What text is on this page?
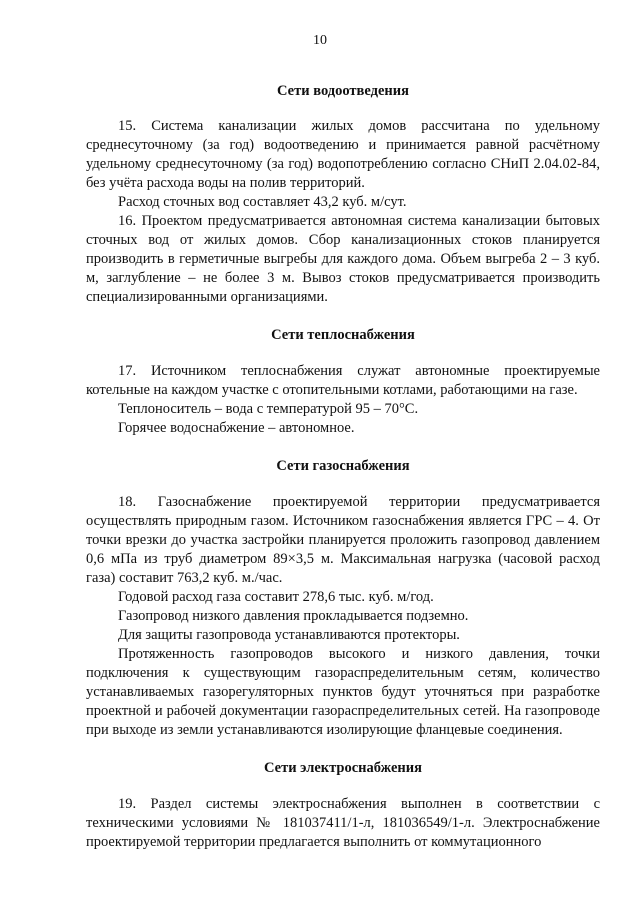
10
Сети водоотведения

15. Система канализации жилых домов рассчитана по удельному среднесуточному (за год) водоотведению и принимается равной расчётному удельному среднесуточному (за год) водопотреблению согласно СНиП 2.04.02-84, без учёта расхода воды на полив территорий.

Расход сточных вод составляет 43,2 куб. м/сут.

16. Проектом предусматривается автономная система канализации бытовых сточных вод от жилых домов. Сбор канализационных стоков планируется производить в герметичные выгребы для каждого дома. Объем выгреба 2 – 3 куб. м, заглубление – не более 3 м. Вывоз стоков предусматривается производить специализированными организациями.

Сети теплоснабжения

17. Источником теплоснабжения служат автономные проектируемые котельные на каждом участке с отопительными котлами, работающими на газе.

Теплоноситель – вода с температурой 95 – 70°С.

Горячее водоснабжение – автономное.

Сети газоснабжения

18. Газоснабжение проектируемой территории предусматривается осуществлять природным газом. Источником газоснабжения является ГРС – 4. От точки врезки до участка застройки планируется проложить газопровод давлением 0,6 мПа из труб диаметром 89×3,5 м. Максимальная нагрузка (часовой расход газа) составит 763,2 куб. м./час.

Годовой расход газа составит 278,6 тыс. куб. м/год.

Газопровод низкого давления прокладывается подземно.

Для защиты газопровода устанавливаются протекторы.

Протяженность газопроводов высокого и низкого давления, точки подключения к существующим газораспределительным сетям, количество устанавливаемых газорегуляторных пунктов будут уточняться при разработке проектной и рабочей документации газораспределительных сетей. На газопроводе при выходе из земли устанавливаются изолирующие фланцевые соединения.

Сети электроснабжения

19. Раздел системы электроснабжения выполнен в соответствии с техническими условиями № 181037411/1-л, 181036549/1-л. Электроснабжение проектируемой территории предлагается выполнить от коммутационного
